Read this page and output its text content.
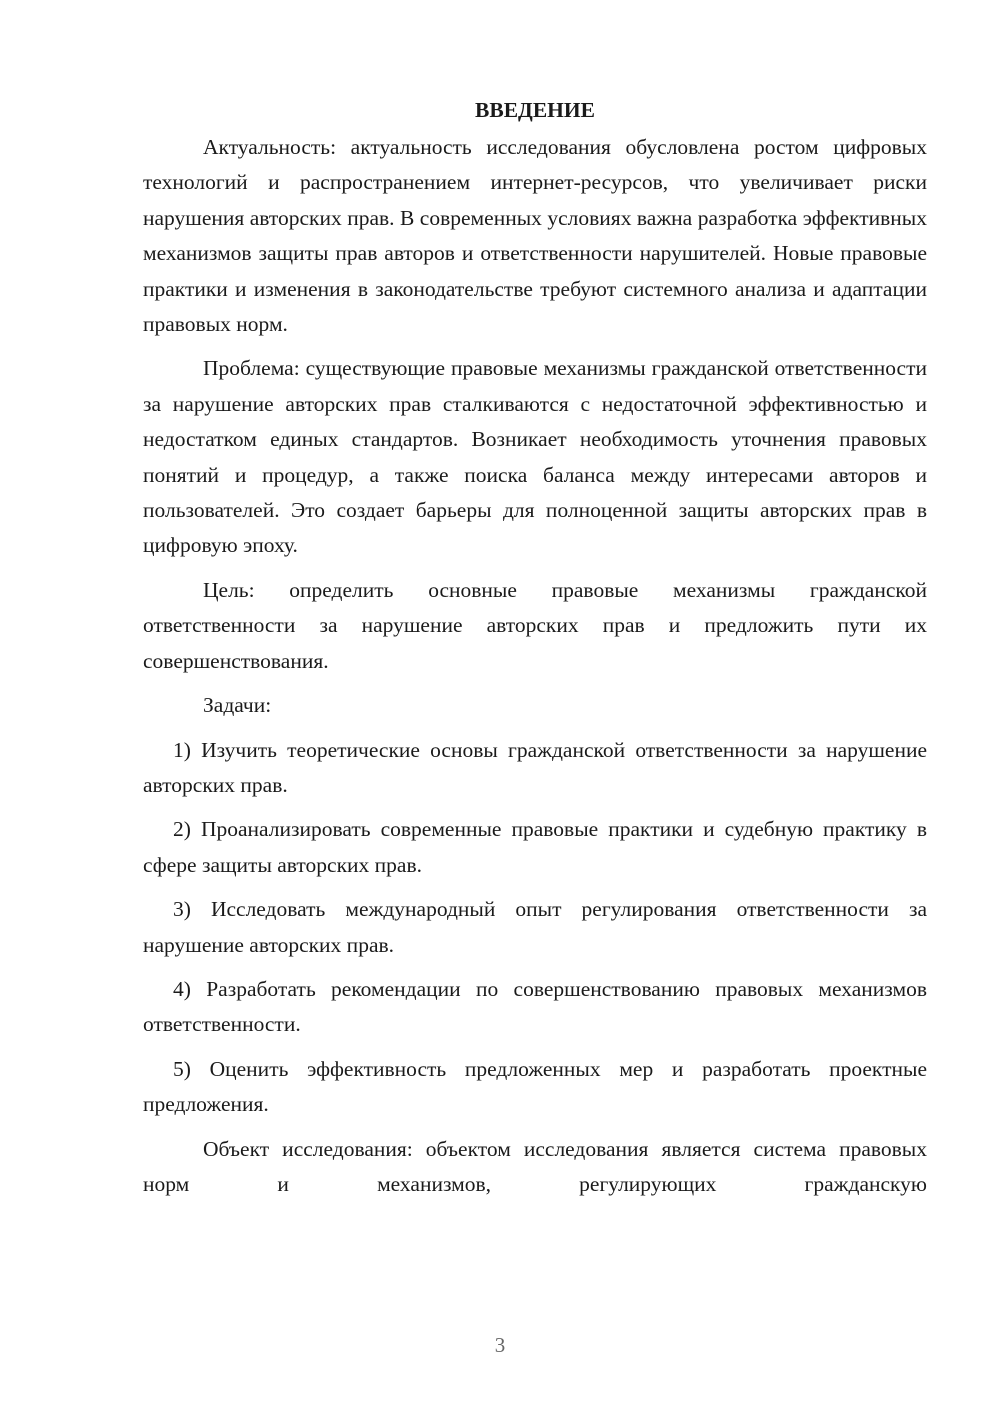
ВВЕДЕНИЕ

Актуальность: актуальность исследования обусловлена ростом цифровых технологий и распространением интернет-ресурсов, что увеличивает риски нарушения авторских прав. В современных условиях важна разработка эффективных механизмов защиты прав авторов и ответственности нарушителей. Новые правовые практики и изменения в законодательстве требуют системного анализа и адаптации правовых норм.

Проблема: существующие правовые механизмы гражданской ответственности за нарушение авторских прав сталкиваются с недостаточной эффективностью и недостатком единых стандартов. Возникает необходимость уточнения правовых понятий и процедур, а также поиска баланса между интересами авторов и пользователей. Это создает барьеры для полноценной защиты авторских прав в цифровую эпоху.

Цель: определить основные правовые механизмы гражданской ответственности за нарушение авторских прав и предложить пути их совершенствования.

Задачи:

1) Изучить теоретические основы гражданской ответственности за нарушение авторских прав.

2) Проанализировать современные правовые практики и судебную практику в сфере защиты авторских прав.

3) Исследовать международный опыт регулирования ответственности за нарушение авторских прав.

4) Разработать рекомендации по совершенствованию правовых механизмов ответственности.

5) Оценить эффективность предложенных мер и разработать проектные предложения.

Объект исследования: объектом исследования является система правовых норм и механизмов, регулирующих гражданскую

3
